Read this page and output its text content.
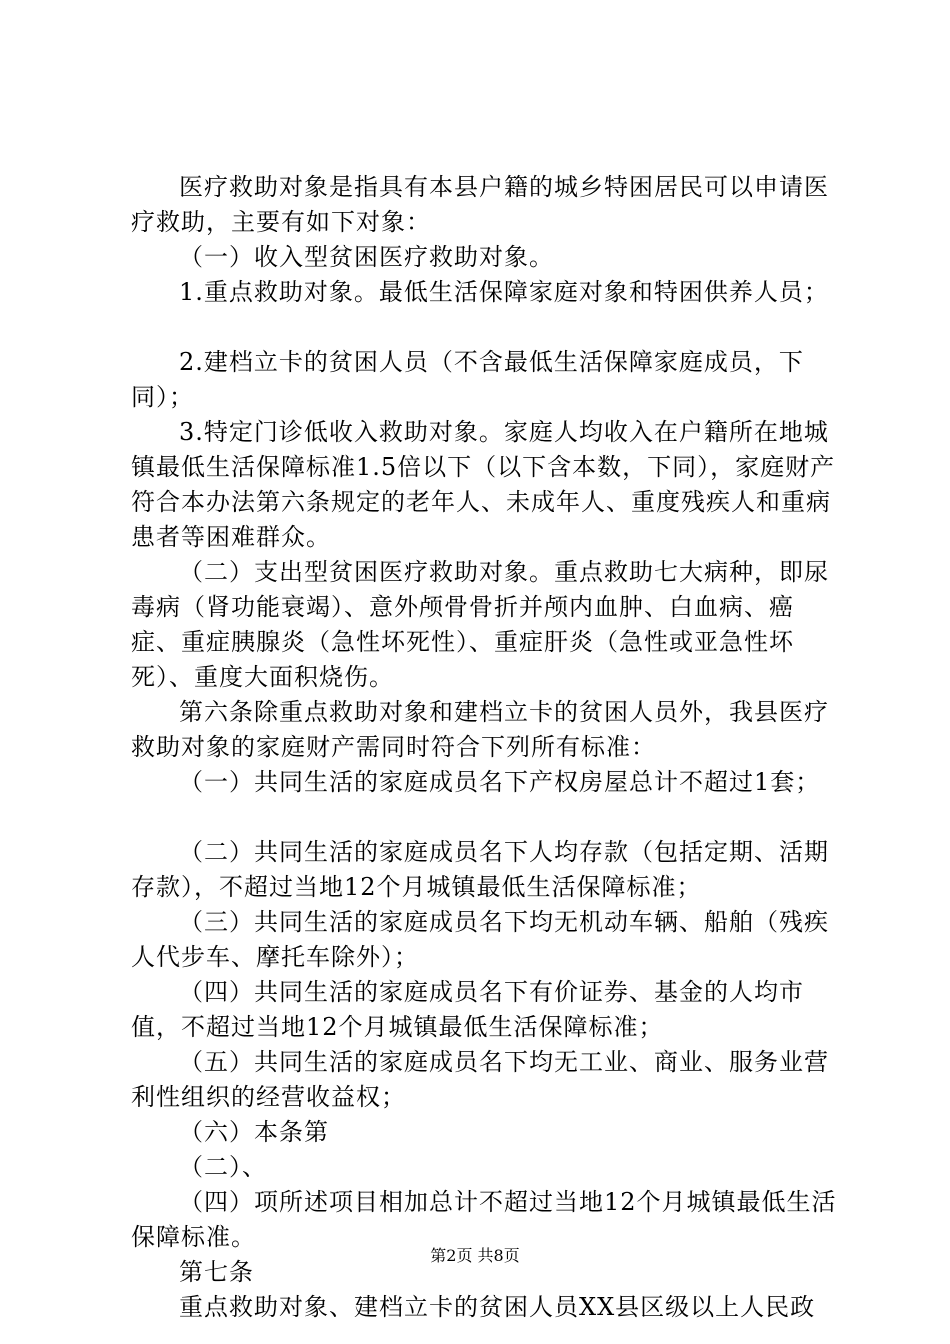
医疗救助对象是指具有本县户籍的城乡特困居民可以申请医疗救助，主要有如下对象：

（一）收入型贫困医疗救助对象。

1.重点救助对象。最低生活保障家庭对象和特困供养人员；

2.建档立卡的贫困人员（不含最低生活保障家庭成员，下同）；

3.特定门诊低收入救助对象。家庭人均收入在户籍所在地城镇最低生活保障标准1.5倍以下（以下含本数，下同），家庭财产符合本办法第六条规定的老年人、未成年人、重度残疾人和重病患者等困难群众。

（二）支出型贫困医疗救助对象。重点救助七大病种，即尿毒病（肾功能衰竭）、意外颅骨骨折并颅内血肿、白血病、癌症、重症胰腺炎（急性坏死性）、重症肝炎（急性或亚急性坏死）、重度大面积烧伤。

第六条除重点救助对象和建档立卡的贫困人员外，我县医疗救助对象的家庭财产需同时符合下列所有标准：

（一）共同生活的家庭成员名下产权房屋总计不超过1套；

（二）共同生活的家庭成员名下人均存款（包括定期、活期存款），不超过当地12个月城镇最低生活保障标准；

（三）共同生活的家庭成员名下均无机动车辆、船舶（残疾人代步车、摩托车除外）；

（四）共同生活的家庭成员名下有价证券、基金的人均市值，不超过当地12个月城镇最低生活保障标准；

（五）共同生活的家庭成员名下均无工业、商业、服务业营利性组织的经营收益权；

（六）本条第

（二）、

（四）项所述项目相加总计不超过当地12个月城镇最低生活保障标准。

第七条

重点救助对象、建档立卡的贫困人员XX县区级以上人民政

第2页 共8页
